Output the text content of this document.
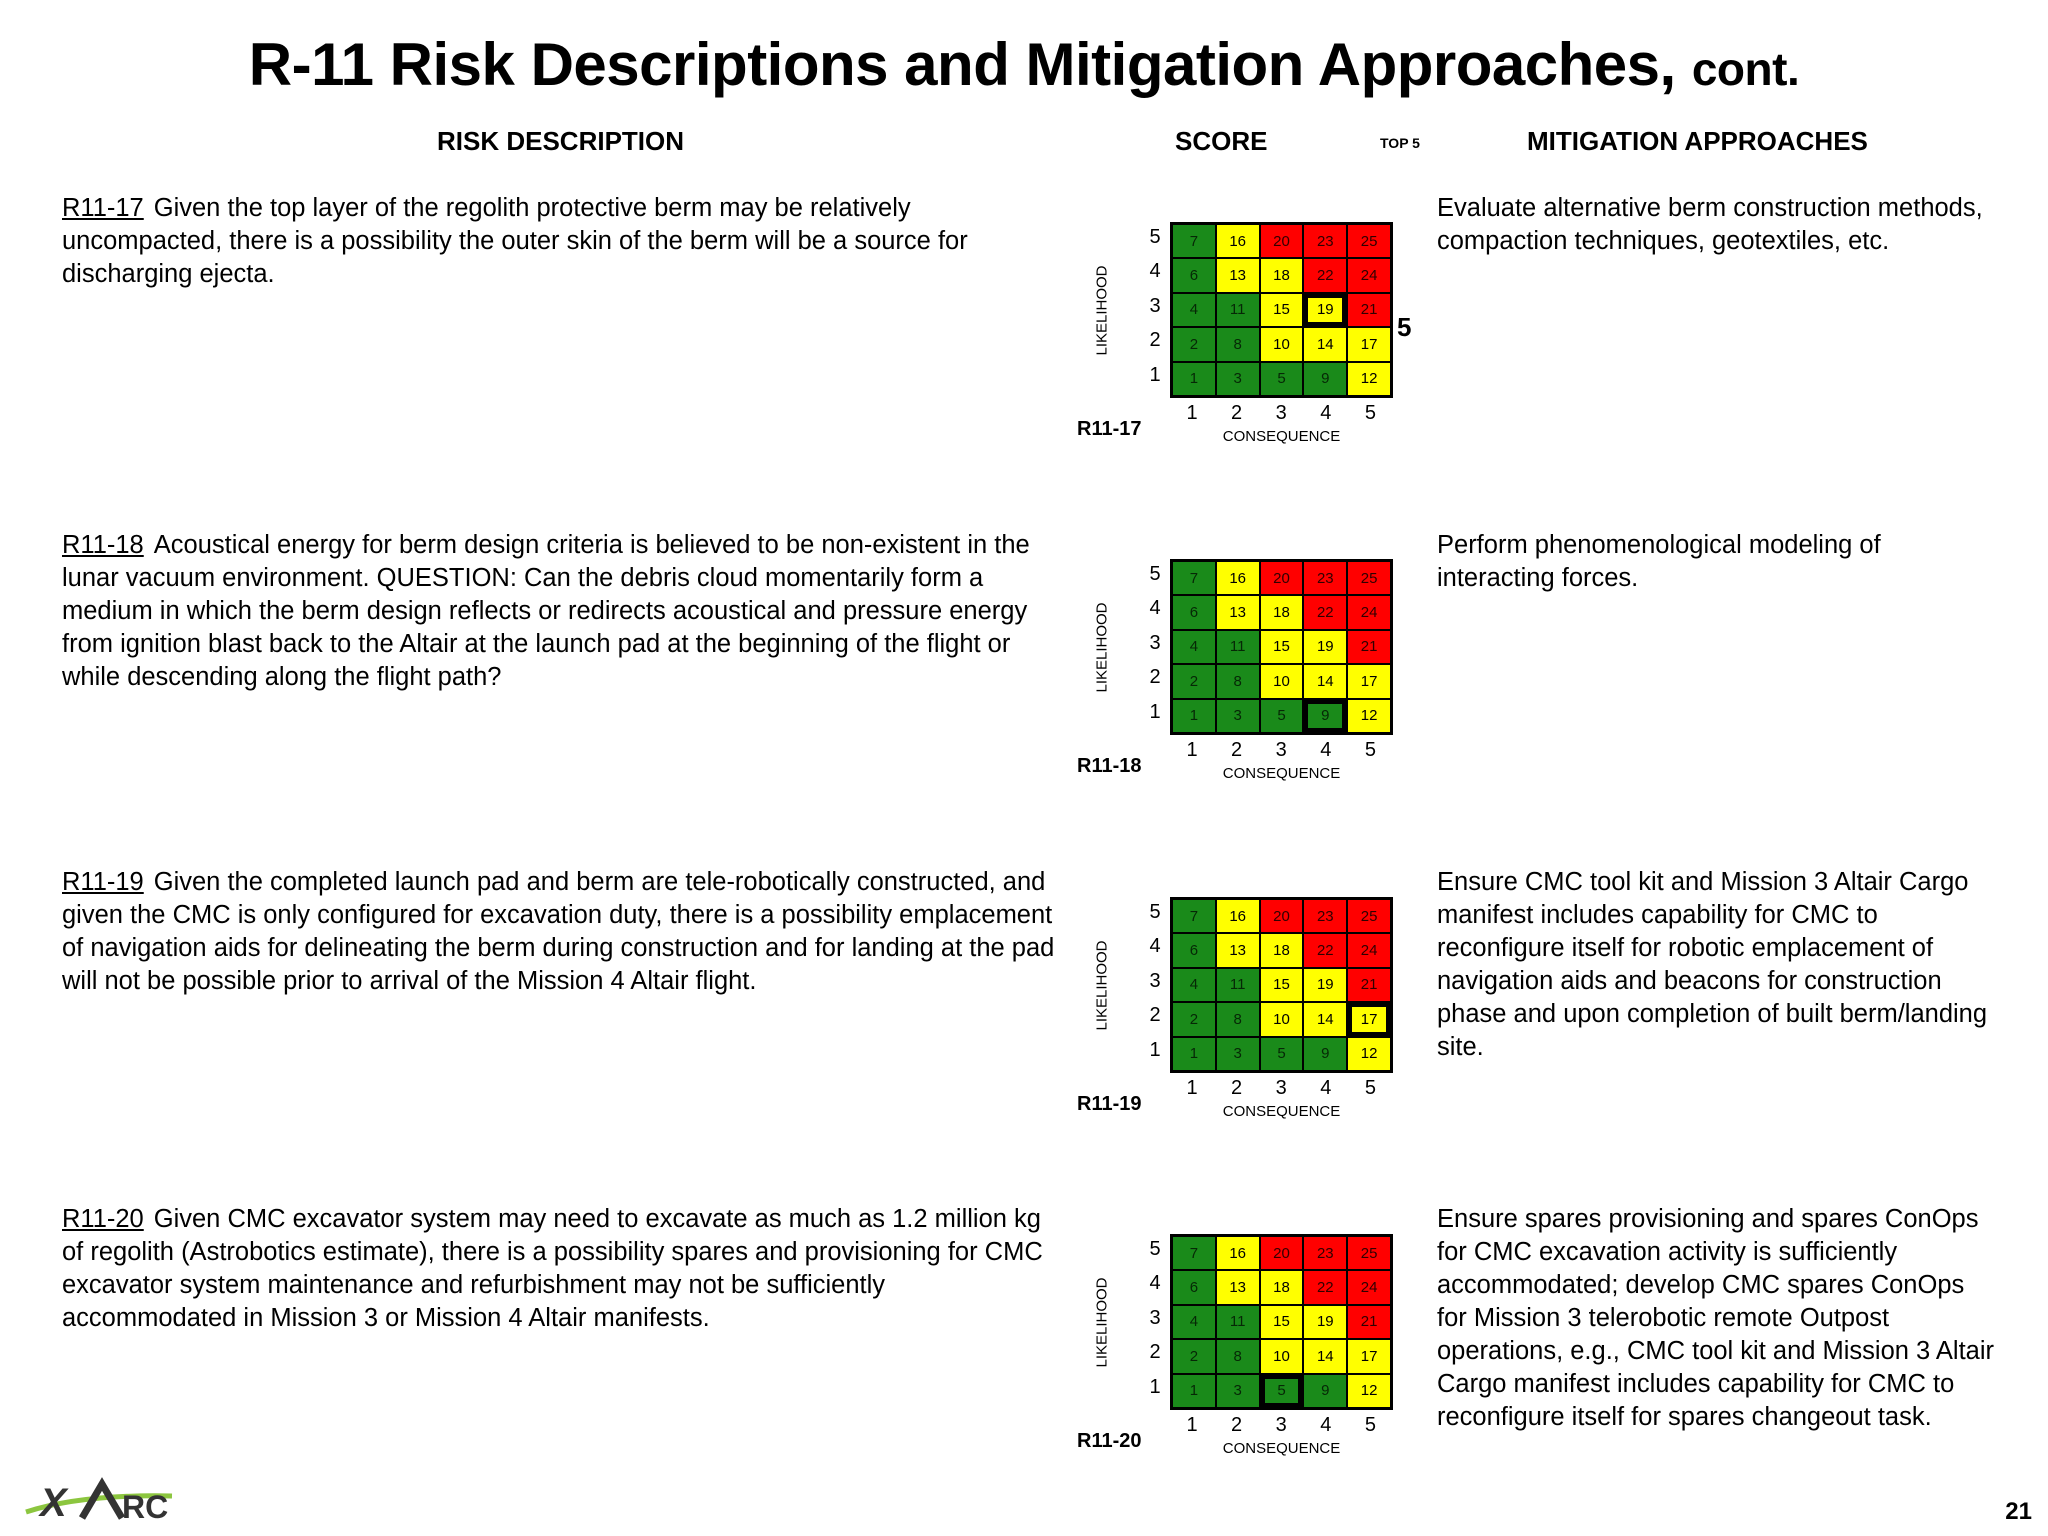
R-11 Risk Descriptions and Mitigation Approaches, cont.
RISK DESCRIPTION	SCORE	TOP 5	MITIGATION APPROACHES
R11-17 Given the top layer of the regolith protective berm may be relatively uncompacted, there is a possibility the outer skin of the berm will be a source for discharging ejecta.
Evaluate alternative berm construction methods, compaction techniques, geotextiles, etc.
LIKELIHOOD
5
4
3
2
1
7	16	20	23	25
6	13	18	22	24
4	11	15	19	21
2	8	10	14	17
1	3	5	9	12
1	2	3	4	5
CONSEQUENCE
R11-17
5
R11-18 Acoustical energy for berm design criteria is believed to be non-existent in the lunar vacuum environment. QUESTION: Can the debris cloud momentarily form a medium in which the berm design reflects or redirects acoustical and pressure energy from ignition blast back to the Altair at the launch pad at the beginning of the flight or while descending along the flight path?
Perform phenomenological modeling of interacting forces.
LIKELIHOOD
5
4
3
2
1
7	16	20	23	25
6	13	18	22	24
4	11	15	19	21
2	8	10	14	17
1	3	5	9	12
1	2	3	4	5
CONSEQUENCE
R11-18
R11-19 Given the completed launch pad and berm are tele-robotically constructed, and given the CMC is only configured for excavation duty, there is a possibility emplacement of navigation aids for delineating the berm during construction and for landing at the pad will not be possible prior to arrival of the Mission 4 Altair flight.
Ensure CMC tool kit and Mission 3 Altair Cargo manifest includes capability for CMC to reconfigure itself for robotic emplacement of navigation aids and beacons for construction phase and upon completion of built berm/landing site.
LIKELIHOOD
5
4
3
2
1
7	16	20	23	25
6	13	18	22	24
4	11	15	19	21
2	8	10	14	17
1	3	5	9	12
1	2	3	4	5
CONSEQUENCE
R11-19
R11-20 Given CMC excavator system may need to excavate as much as 1.2 million kg of regolith (Astrobotics estimate), there is a possibility spares and provisioning for CMC excavator system maintenance and refurbishment may not be sufficiently accommodated in Mission 3 or Mission 4 Altair manifests.
Ensure spares provisioning and spares ConOps for CMC excavation activity is sufficiently accommodated; develop CMC spares ConOps for Mission 3 telerobotic remote Outpost operations, e.g., CMC tool kit and Mission 3 Altair Cargo manifest includes capability for CMC to reconfigure itself for spares changeout task.
LIKELIHOOD
5
4
3
2
1
7	16	20	23	25
6	13	18	22	24
4	11	15	19	21
2	8	10	14	17
1	3	5	9	12
1	2	3	4	5
CONSEQUENCE
R11-20
X RC	21
